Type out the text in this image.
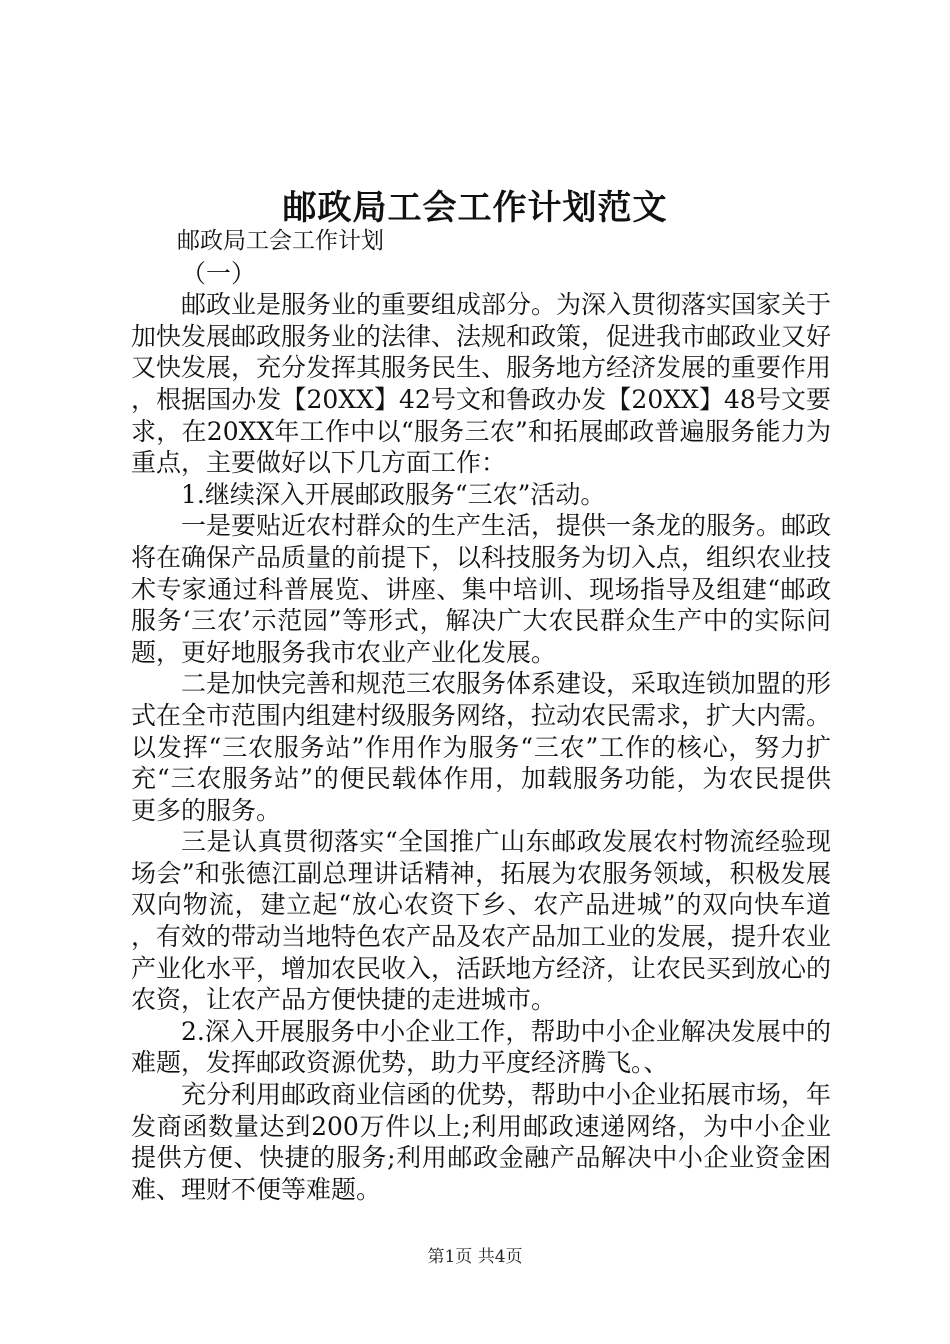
邮政局工会工作计划范文

邮政局工会工作计划

（一）

邮政业是服务业的重要组成部分。为深入贯彻落实国家关于加快发展邮政服务业的法律、法规和政策，促进我市邮政业又好又快发展，充分发挥其服务民生、服务地方经济发展的重要作用，根据国办发【20XX】42号文和鲁政办发【20XX】48号文要求，在20XX年工作中以“服务三农”和拓展邮政普遍服务能力为重点，主要做好以下几方面工作：

1.继续深入开展邮政服务“三农”活动。

一是要贴近农村群众的生产生活，提供一条龙的服务。邮政将在确保产品质量的前提下，以科技服务为切入点，组织农业技术专家通过科普展览、讲座、集中培训、现场指导及组建“邮政服务‘三农’示范园”等形式，解决广大农民群众生产中的实际问题，更好地服务我市农业产业化发展。

二是加快完善和规范三农服务体系建设，采取连锁加盟的形式在全市范围内组建村级服务网络，拉动农民需求，扩大内需。以发挥“三农服务站”作用作为服务“三农”工作的核心，努力扩充“三农服务站”的便民载体作用，加载服务功能，为农民提供更多的服务。

三是认真贯彻落实“全国推广山东邮政发展农村物流经验现场会”和张德江副总理讲话精神，拓展为农服务领域，积极发展双向物流，建立起“放心农资下乡、农产品进城”的双向快车道，有效的带动当地特色农产品及农产品加工业的发展，提升农业产业化水平，增加农民收入，活跃地方经济，让农民买到放心的农资，让农产品方便快捷的走进城市。

2.深入开展服务中小企业工作，帮助中小企业解决发展中的难题，发挥邮政资源优势，助力平度经济腾飞。、

充分利用邮政商业信函的优势，帮助中小企业拓展市场，年发商函数量达到200万件以上;利用邮政速递网络，为中小企业提供方便、快捷的服务;利用邮政金融产品解决中小企业资金困难、理财不便等难题。

第1页 共4页
